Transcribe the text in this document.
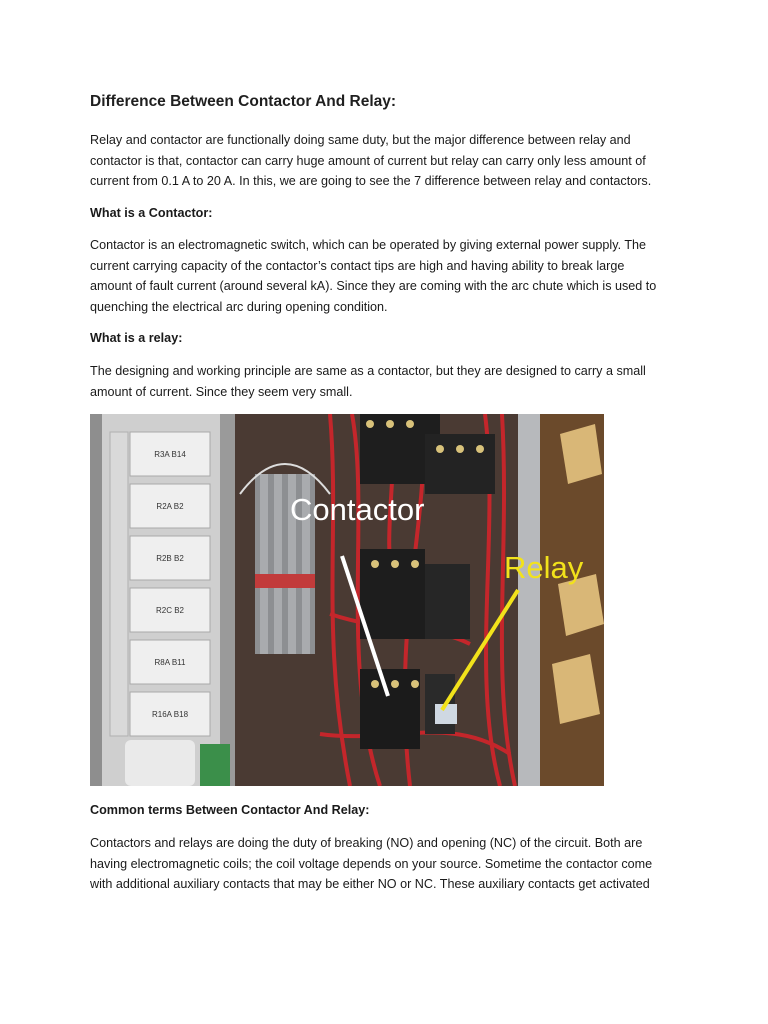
Difference Between Contactor And Relay:

Relay and contactor are functionally doing same duty, but the major difference between relay and
contactor is that, contactor can carry huge amount of current but relay can carry only less amount of
current from 0.1 A to 20 A. In this, we are going to see the 7 difference between relay and contactors.

What is a Contactor:

Contactor is an electromagnetic switch, which can be operated by giving external power supply. The
current carrying capacity of the contactor’s contact tips are high and having ability to break large
amount of fault current (around several kA). Since they are coming with the arc chute which is used to
quenching the electrical arc during opening condition.

What is a relay:

The designing and working principle are same as a contactor, but they are designed to carry a small
amount of current. Since they seem very small.

R3A B14
R2A B2
R2B B2
R2C B2
R8A B11
R16A B18
Contactor
Relay

Common terms Between Contactor And Relay:

Contactors and relays are doing the duty of breaking (NO) and opening (NC) of the circuit. Both are
having electromagnetic coils; the coil voltage depends on your source. Sometime the contactor come
with additional auxiliary contacts that may be either NO or NC. These auxiliary contacts get activated
